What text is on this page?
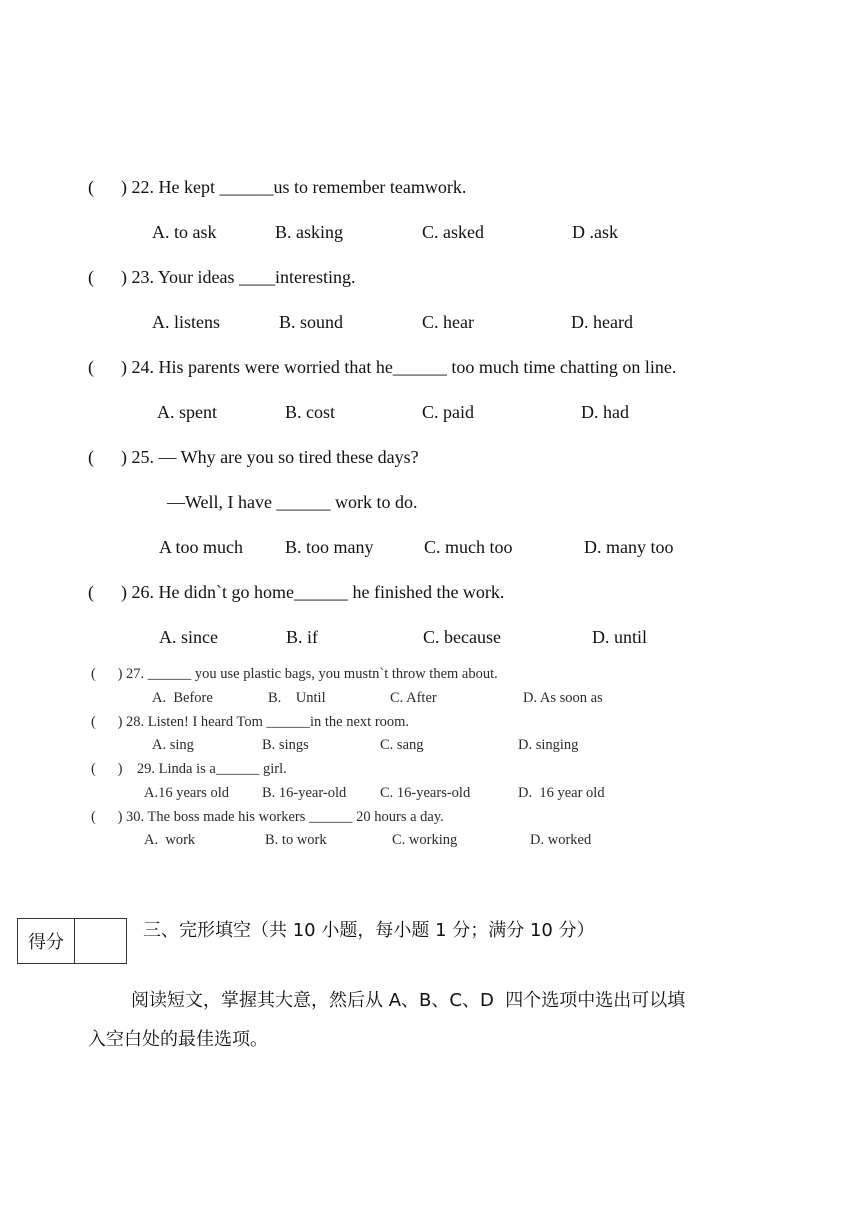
(      ) 22. He kept ______us to remember teamwork.
A. to ask	B. asking	C. asked	D .ask
(      ) 23. Your ideas ____interesting.
A. listens	B. sound	C. hear	D. heard
(      ) 24. His parents were worried that he______ too much time chatting on line.
A. spent	B. cost	C. paid	D. had
(      ) 25. — Why are you so tired these days?
—Well, I have ______ work to do.
A too much B. too many	C. much too	D. many too
(      ) 26. He didn`t go home______ he finished the work.
A. since	B. if	C. because	D. until
(      ) 27. ______ you use plastic bags, you mustn`t throw them about.
A.  Before	B.    Until	C. After	D. As soon as
(      ) 28. Listen! I heard Tom ______in the next room.
A. sing	B. sings	C. sang	D. singing
(      )    29. Linda is a______ girl.
A.16 years old B. 16-year-old C. 16-years-old	D.  16 year old
(      ) 30. The boss made his workers ______ 20 hours a day.
A.  work	B. to work	C. working	D. worked
得分
三、完形填空（共 10 小题，每小题 1 分；满分 10 分）
阅读短文，掌握其大意，然后从 A、B、C、D  四个选项中选出可以填
入空白处的最佳选项。
